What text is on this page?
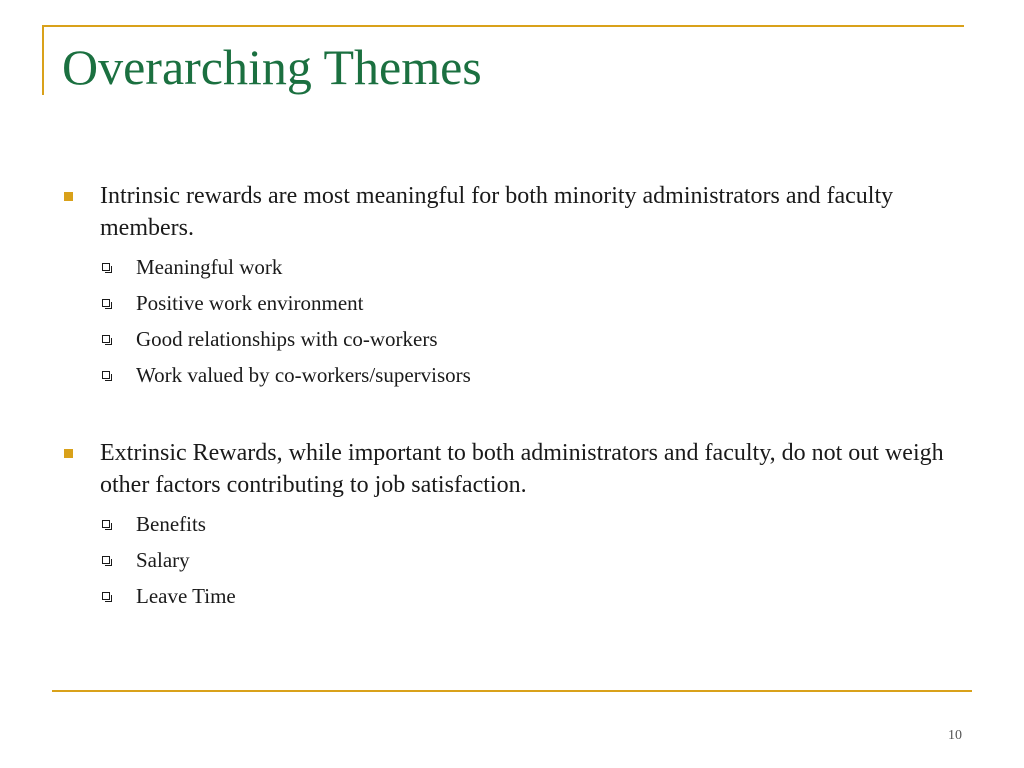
Overarching Themes
Intrinsic rewards are most meaningful for both minority administrators and faculty members.
Meaningful work
Positive work environment
Good relationships with co-workers
Work valued by co-workers/supervisors
Extrinsic Rewards, while important to both administrators and faculty, do not out weigh other factors contributing to job satisfaction.
Benefits
Salary
Leave Time
10
